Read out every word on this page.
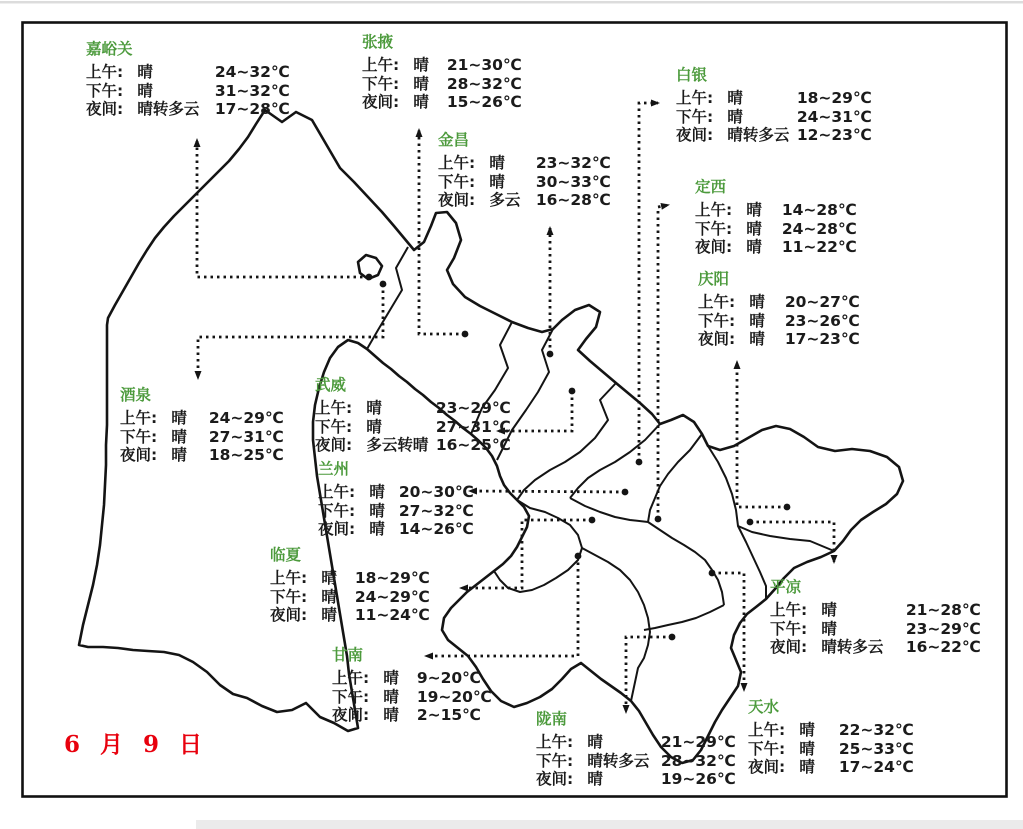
嘉峪关
上午: 晴	24~32℃
下午: 晴	31~32℃
夜间: 晴转多云 17~28℃
张掖
上午: 晴 21~30℃
下午: 晴 28~32℃
夜间: 晴 15~26℃
白银
上午: 晴	18~29℃
下午: 晴	24~31℃
夜间: 晴转多云 12~23℃
金昌
上午: 晴 23~32℃
下午: 晴 30~33℃
夜间: 多云 16~28℃
定西
上午: 晴 14~28℃
下午: 晴 24~28℃
夜间: 晴 11~22℃
庆阳
上午: 晴 20~27℃
下午: 晴 23~26℃
夜间: 晴 17~23℃
酒泉
上午: 晴 24~29℃
下午: 晴 27~31℃
夜间: 晴 18~25℃
武威
上午: 晴	23~29℃
下午: 晴	27~31℃
夜间: 多云转晴 16~25℃
兰州
上午: 晴 20~30℃
下午: 晴 27~32℃
夜间: 晴 14~26℃
临夏
上午: 晴 18~29℃
下午: 晴 24~29℃
夜间: 晴 11~24℃
甘南
上午: 晴 9~20℃
下午: 晴 19~20℃
夜间: 晴 2~15℃
平凉
上午: 晴	21~28℃
下午: 晴	23~29℃
夜间: 晴转多云 16~22℃
陇南
上午: 晴	21~29℃
下午: 晴转多云 28~32℃
夜间: 晴	19~26℃
天水
上午: 晴 22~32℃
下午: 晴 25~33℃
夜间: 晴 17~24℃
6 月 9 日
